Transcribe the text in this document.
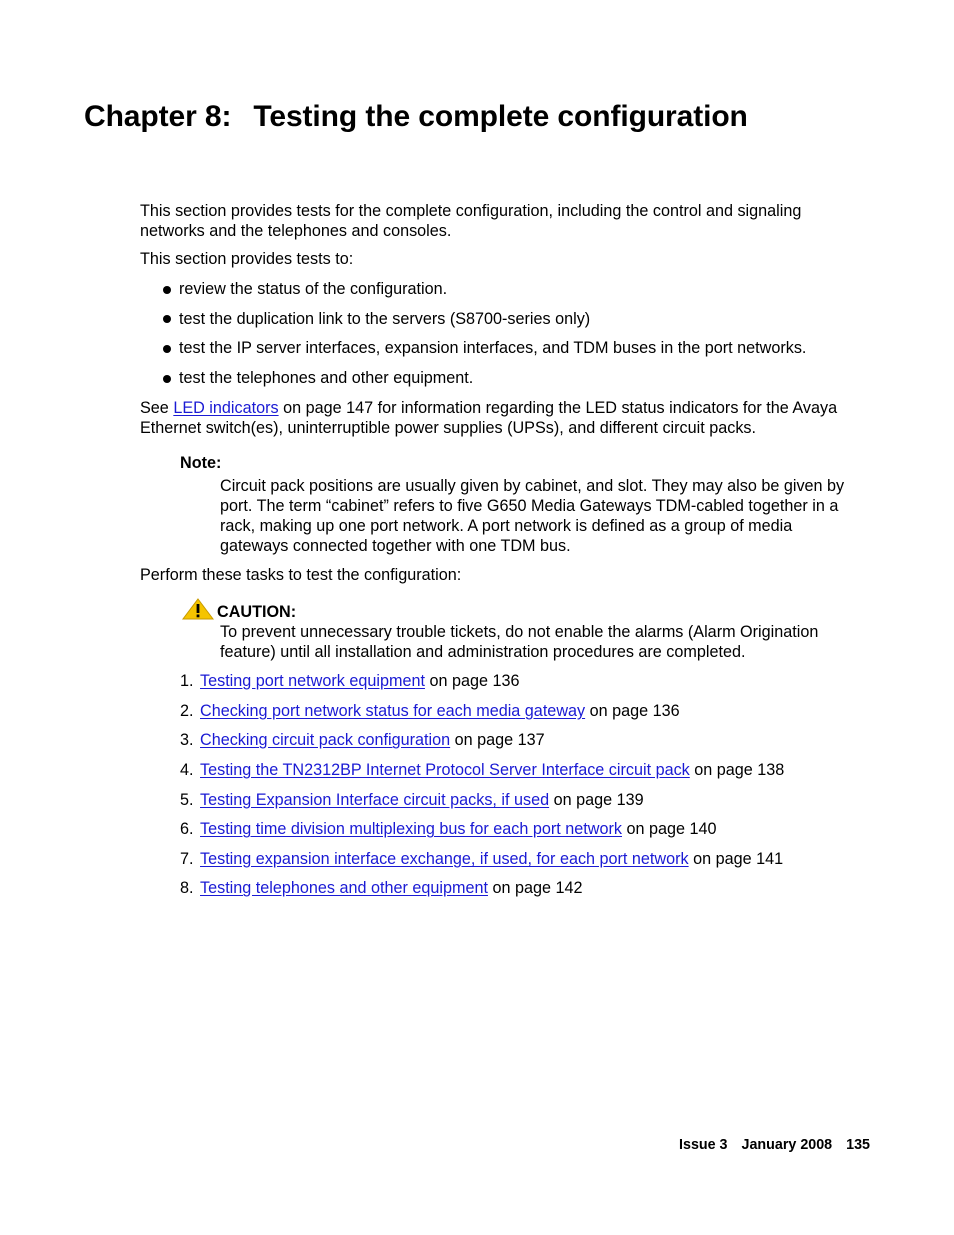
Chapter 8: Testing the complete configuration

This section provides tests for the complete configuration, including the control and signaling networks and the telephones and consoles.

This section provides tests to:

review the status of the configuration.
test the duplication link to the servers (S8700-series only)
test the IP server interfaces, expansion interfaces, and TDM buses in the port networks.
test the telephones and other equipment.

See LED indicators on page 147 for information regarding the LED status indicators for the Avaya Ethernet switch(es), uninterruptible power supplies (UPSs), and different circuit packs.

Note:

Circuit pack positions are usually given by cabinet, and slot. They may also be given by port. The term “cabinet” refers to five G650 Media Gateways TDM-cabled together in a rack, making up one port network. A port network is defined as a group of media gateways connected together with one TDM bus.

Perform these tasks to test the configuration:

CAUTION:

To prevent unnecessary trouble tickets, do not enable the alarms (Alarm Origination feature) until all installation and administration procedures are completed.

1. Testing port network equipment on page 136
2. Checking port network status for each media gateway on page 136
3. Checking circuit pack configuration on page 137
4. Testing the TN2312BP Internet Protocol Server Interface circuit pack on page 138
5. Testing Expansion Interface circuit packs, if used on page 139
6. Testing time division multiplexing bus for each port network on page 140
7. Testing expansion interface exchange, if used, for each port network on page 141
8. Testing telephones and other equipment on page 142
Issue 3 January 2008 135
